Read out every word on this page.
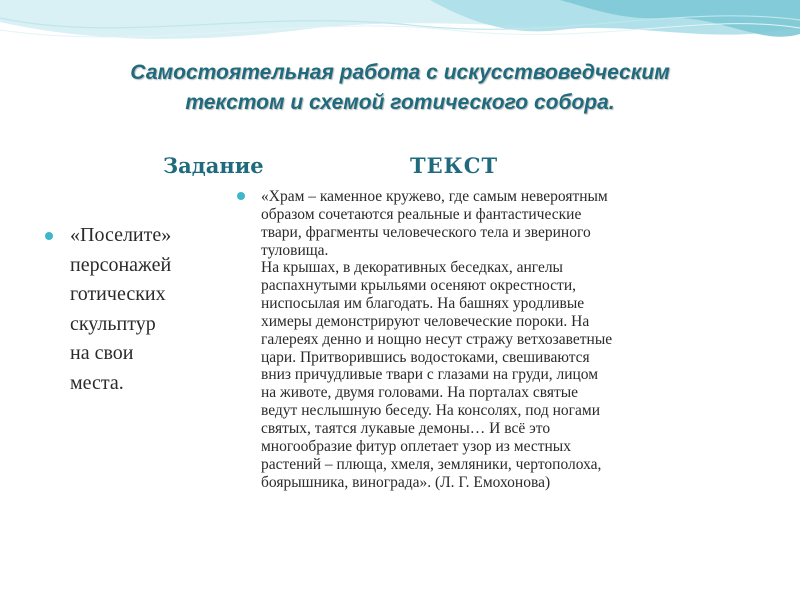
Самостоятельная работа с искусствоведческим
текстом и схемой готического собора.
Задание	ТЕКСТ
«Поселите»
персонажей
готических
скульптур
на свои
места.
«Храм – каменное кружево, где самым невероятным
образом сочетаются реальные и фантастические
твари, фрагменты человеческого тела и звериного
туловища.
На крышах, в декоративных беседках, ангелы
распахнутыми крыльями осеняют окрестности,
ниспосылая им благодать. На башнях уродливые
химеры демонстрируют человеческие пороки. На
галереях денно и нощно несут стражу ветхозаветные
цари. Притворившись водостоками, свешиваются
вниз причудливые твари с глазами на груди, лицом
на животе, двумя головами. На порталах святые
ведут неслышную беседу. На консолях, под ногами
святых, таятся лукавые демоны… И всё это
многообразие фитур оплетает узор из местных
растений – плюща, хмеля, земляники, чертополоха,
боярышника, винограда». (Л. Г. Емохонова)
